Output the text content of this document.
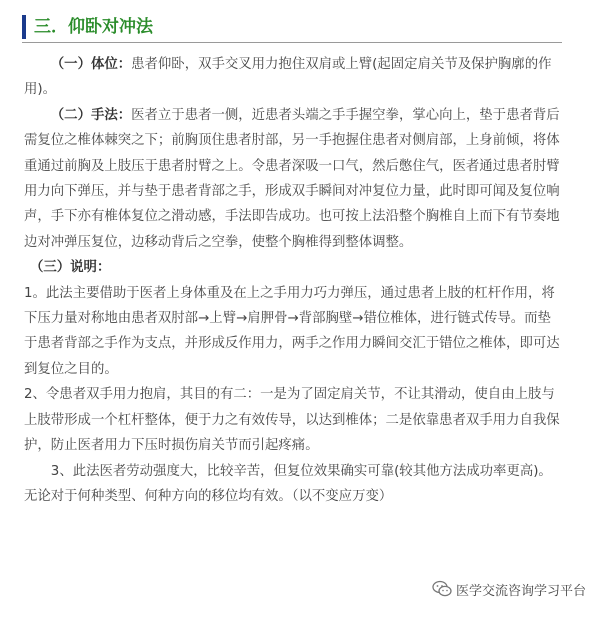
三．仰卧对冲法

（一）体位：患者仰卧，双手交叉用力抱住双肩或上臂(起固定肩关节及保护胸廓的作用)。

（二）手法：医者立于患者一侧，近患者头端之手手握空拳，掌心向上，垫于患者背后需复位之椎体棘突之下；前胸顶住患者肘部，另一手抱握住患者对侧肩部，上身前倾，将体重通过前胸及上肢压于患者肘臂之上。令患者深吸一口气，然后憋住气，医者通过患者肘臂用力向下弹压，并与垫于患者背部之手，形成双手瞬间对冲复位力量，此时即可闻及复位响声，手下亦有椎体复位之滑动感，手法即告成功。也可按上法沿整个胸椎自上而下有节奏地边对冲弹压复位，边移动背后之空拳，使整个胸椎得到整体调整。

（三）说明：

1。此法主要借助于医者上身体重及在上之手用力巧力弹压，通过患者上肢的杠杆作用，将下压力量对称地由患者双肘部→上臂→肩胛骨→背部胸壁→错位椎体，进行链式传导。而垫于患者背部之手作为支点，并形成反作用力，两手之作用力瞬间交汇于错位之椎体，即可达到复位之目的。

2、令患者双手用力抱肩，其目的有二：一是为了固定肩关节，不让其滑动，使自由上肢与上肢带形成一个杠杆整体，便于力之有效传导，以达到椎体；二是依靠患者双手用力自我保护，防止医者用力下压时损伤肩关节而引起疼痛。

3、此法医者劳动强度大，比较辛苦，但复位效果确实可靠(较其他方法成功率更高)。无论对于何种类型、何种方向的移位均有效。（以不变应万变）

医学交流咨询学习平台
